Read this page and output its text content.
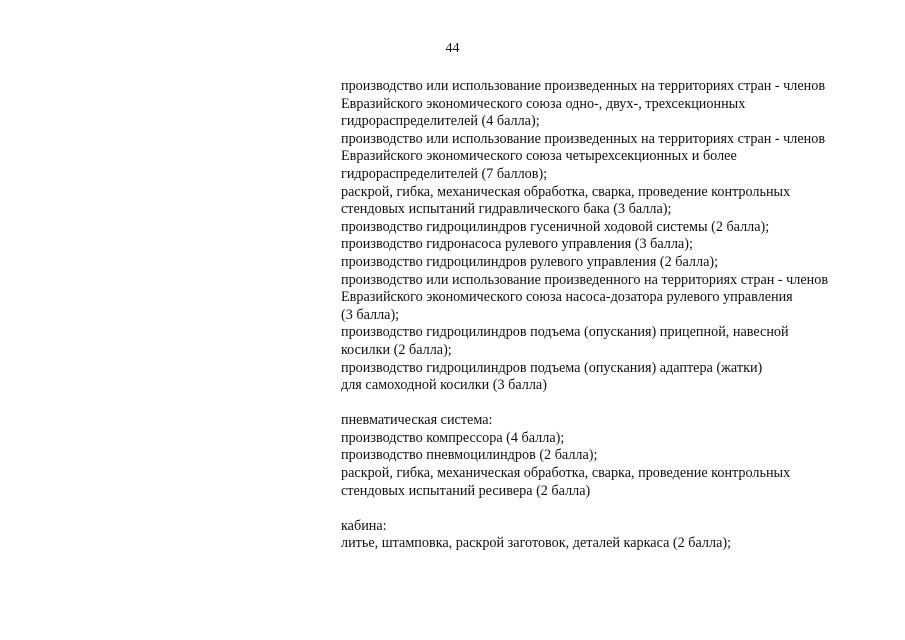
44
производство или использование произведенных на территориях стран - членов
Евразийского экономического союза одно-, двух-, трехсекционных
гидрораспределителей (4 балла);
производство или использование произведенных на территориях стран - членов
Евразийского экономического союза четырехсекционных и более
гидрораспределителей (7 баллов);
раскрой, гибка, механическая обработка, сварка, проведение контрольных
стендовых испытаний гидравлического бака (3 балла);
производство гидроцилиндров гусеничной ходовой системы (2 балла);
производство гидронасоса рулевого управления (3 балла);
производство гидроцилиндров рулевого управления (2 балла);
производство или использование произведенного на территориях стран - членов
Евразийского экономического союза насоса-дозатора рулевого управления
(3 балла);
производство гидроцилиндров подъема (опускания) прицепной, навесной
косилки (2 балла);
производство гидроцилиндров подъема (опускания) адаптера (жатки)
для самоходной косилки (3 балла)
пневматическая система:
производство компрессора (4 балла);
производство пневмоцилиндров (2 балла);
раскрой, гибка, механическая обработка, сварка, проведение контрольных
стендовых испытаний ресивера (2 балла)
кабина:
литье, штамповка, раскрой заготовок, деталей каркаса (2 балла);
